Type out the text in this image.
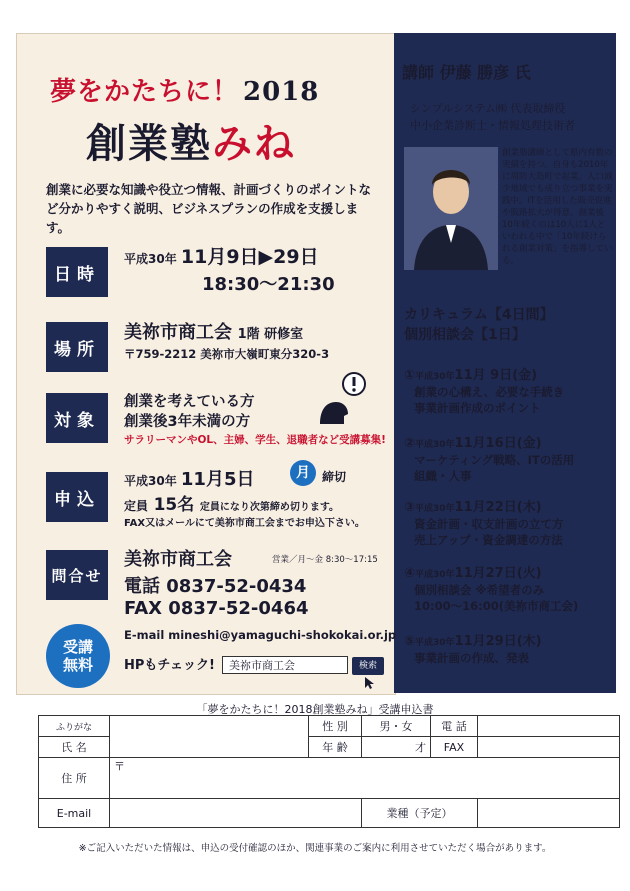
夢をかたちに！ 2018
創業塾みね
創業に必要な知識や役立つ情報、計画づくりのポイントなど分かりやすく説明、ビジネスプランの作成を支援します。
日時
平成30年 11月9日▶29日
18:30〜21:30
場所
美祢市商工会 1階 研修室
〒759-2212 美祢市大嶺町東分320-3
対象
創業を考えている方
創業後3年未満の方
サラリーマンやOL、主婦、学生、退職者など受講募集!
申込
平成30年 11月5日	月	締切
定員 15名 定員になり次第締め切ります。
FAX又はメールにて美祢市商工会までお申込下さい。
問合せ
美祢市商工会	営業／月〜金 8:30〜17:15
電話 0837-52-0434
FAX 0837-52-0464
E-mail mineshi@yamaguchi-shokokai.or.jp
HPもチェック!	美祢市商工会	検索
受講
無料
講師 伊藤 勝彦 氏
シンプルシステム㈱ 代表取締役
中小企業診断士・情報処理技術者
創業塾講師として県内有数の実績を持つ。自身も2010年に周防大島町で起業。人口減少地域でも成り立つ事業を実践中。ITを活用した販売促進や販路拡大が得意。創業後10年続くのは10人に1人といわれる中で「10年続けられる創業対策」を指導している。
カリキュラム【4日間】
個別相談会【1日】
①平成30年11月 9日(金)
創業の心構え、必要な手続き
事業計画作成のポイント
②平成30年11月16日(金)
マーケティング戦略、ITの活用
組織・人事
③平成30年11月22日(木)
資金計画・収支計画の立て方
売上アップ・資金調達の方法
④平成30年11月27日(火)
個別相談会 ※希望者のみ
10:00〜16:00(美祢市商工会)
⑤平成30年11月29日(木)
事業計画の作成、発表
「夢をかたちに！2018創業塾みね」受講申込書
ふりがな		性 別	男・女	電 話	
氏 名		年 齢	才	FAX	
住 所	〒				
E-mail			業種（予定）		
※ご記入いただいた情報は、申込の受付確認のほか、関連事業のご案内に利用させていただく場合があります。
